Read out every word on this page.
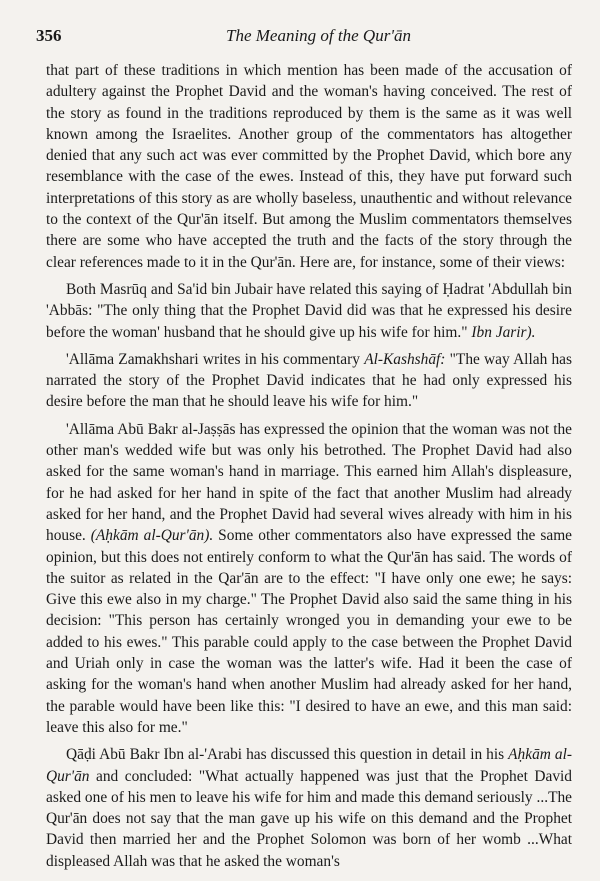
356	The Meaning of the Qur'ān

that part of these traditions in which mention has been made of the accusation of adultery against the Prophet David and the woman's having conceived. The rest of the story as found in the traditions reproduced by them is the same as it was well known among the Israelites. Another group of the commentators has altogether denied that any such act was ever committed by the Prophet David, which bore any resemblance with the case of the ewes. Instead of this, they have put forward such interpretations of this story as are wholly baseless, unauthentic and without relevance to the context of the Qur'ān itself. But among the Muslim commentators themselves there are some who have accepted the truth and the facts of the story through the clear references made to it in the Qur'ān. Here are, for instance, some of their views:

Both Masrūq and Sa'id bin Jubair have related this saying of Ḥadrat 'Abdullah bin 'Abbās: "The only thing that the Prophet David did was that he expressed his desire before the woman' husband that he should give up his wife for him." Ibn Jarir).

'Allāma Zamakhshari writes in his commentary Al-Kashshāf: "The way Allah has narrated the story of the Prophet David indicates that he had only expressed his desire before the man that he should leave his wife for him."

'Allāma Abū Bakr al-Jaṣṣās has expressed the opinion that the woman was not the other man's wedded wife but was only his betrothed. The Prophet David had also asked for the same woman's hand in marriage. This earned him Allah's displeasure, for he had asked for her hand in spite of the fact that another Muslim had already asked for her hand, and the Prophet David had several wives already with him in his house. (Aḥkām al-Qur'ān). Some other commentators also have expressed the same opinion, but this does not entirely conform to what the Qur'ān has said. The words of the suitor as related in the Qar'ān are to the effect: "I have only one ewe; he says: Give this ewe also in my charge." The Prophet David also said the same thing in his decision: "This person has certainly wronged you in demanding your ewe to be added to his ewes." This parable could apply to the case between the Prophet David and Uriah only in case the woman was the latter's wife. Had it been the case of asking for the woman's hand when another Muslim had already asked for her hand, the parable would have been like this: "I desired to have an ewe, and this man said: leave this also for me."

Qāḍi Abū Bakr Ibn al-'Arabi has discussed this question in detail in his Aḥkām al-Qur'ān and concluded: "What actually happened was just that the Prophet David asked one of his men to leave his wife for him and made this demand seriously ...The Qur'ān does not say that the man gave up his wife on this demand and the Prophet David then married her and the Prophet Solomon was born of her womb ...What displeased Allah was that he asked the woman's
